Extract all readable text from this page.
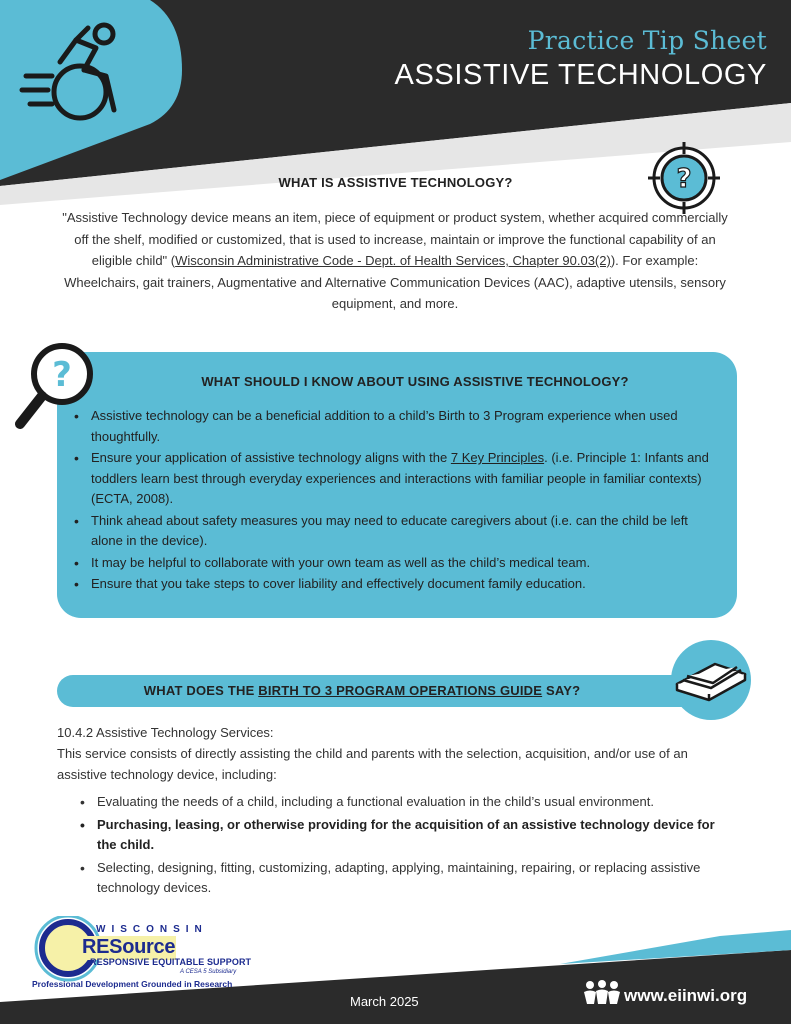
Practice Tip Sheet
ASSISTIVE TECHNOLOGY
?
WHAT IS ASSISTIVE TECHNOLOGY?

"Assistive Technology device means an item, piece of equipment or product system, whether acquired commercially off the shelf, modified or customized, that is used to increase, maintain or improve the functional capability of an eligible child" (Wisconsin Administrative Code - Dept. of Health Services, Chapter 90.03(2)). For example: Wheelchairs, gait trainers, Augmentative and Alternative Communication Devices (AAC), adaptive utensils, sensory equipment, and more.

?	WHAT SHOULD I KNOW ABOUT USING ASSISTIVE TECHNOLOGY?
• Assistive technology can be a beneficial addition to a child’s Birth to 3 Program experience when used thoughtfully.
• Ensure your application of assistive technology aligns with the 7 Key Principles. (i.e. Principle 1: Infants and toddlers learn best through everyday experiences and interactions with familiar people in familiar contexts) (ECTA, 2008).
• Think ahead about safety measures you may need to educate caregivers about (i.e. can the child be left alone in the device).
• It may be helpful to collaborate with your own team as well as the child’s medical team.
• Ensure that you take steps to cover liability and effectively document family education.
WHAT DOES THE BIRTH TO 3 PROGRAM OPERATIONS GUIDE SAY?
10.4.2 Assistive Technology Services:
This service consists of directly assisting the child and parents with the selection, acquisition, and/or use of an assistive technology device, including:
• Evaluating the needs of a child, including a functional evaluation in the child’s usual environment.
• Purchasing, leasing, or otherwise providing for the acquisition of an assistive technology device for the child.
• Selecting, designing, fitting, customizing, adapting, applying, maintaining, repairing, or replacing assistive technology devices.
WISCONSIN
RESource
RESPONSIVE EQUITABLE SUPPORT
A CESA 5 Subsidiary
Professional Development Grounded in Research
March 2025	www.eiinwi.org
